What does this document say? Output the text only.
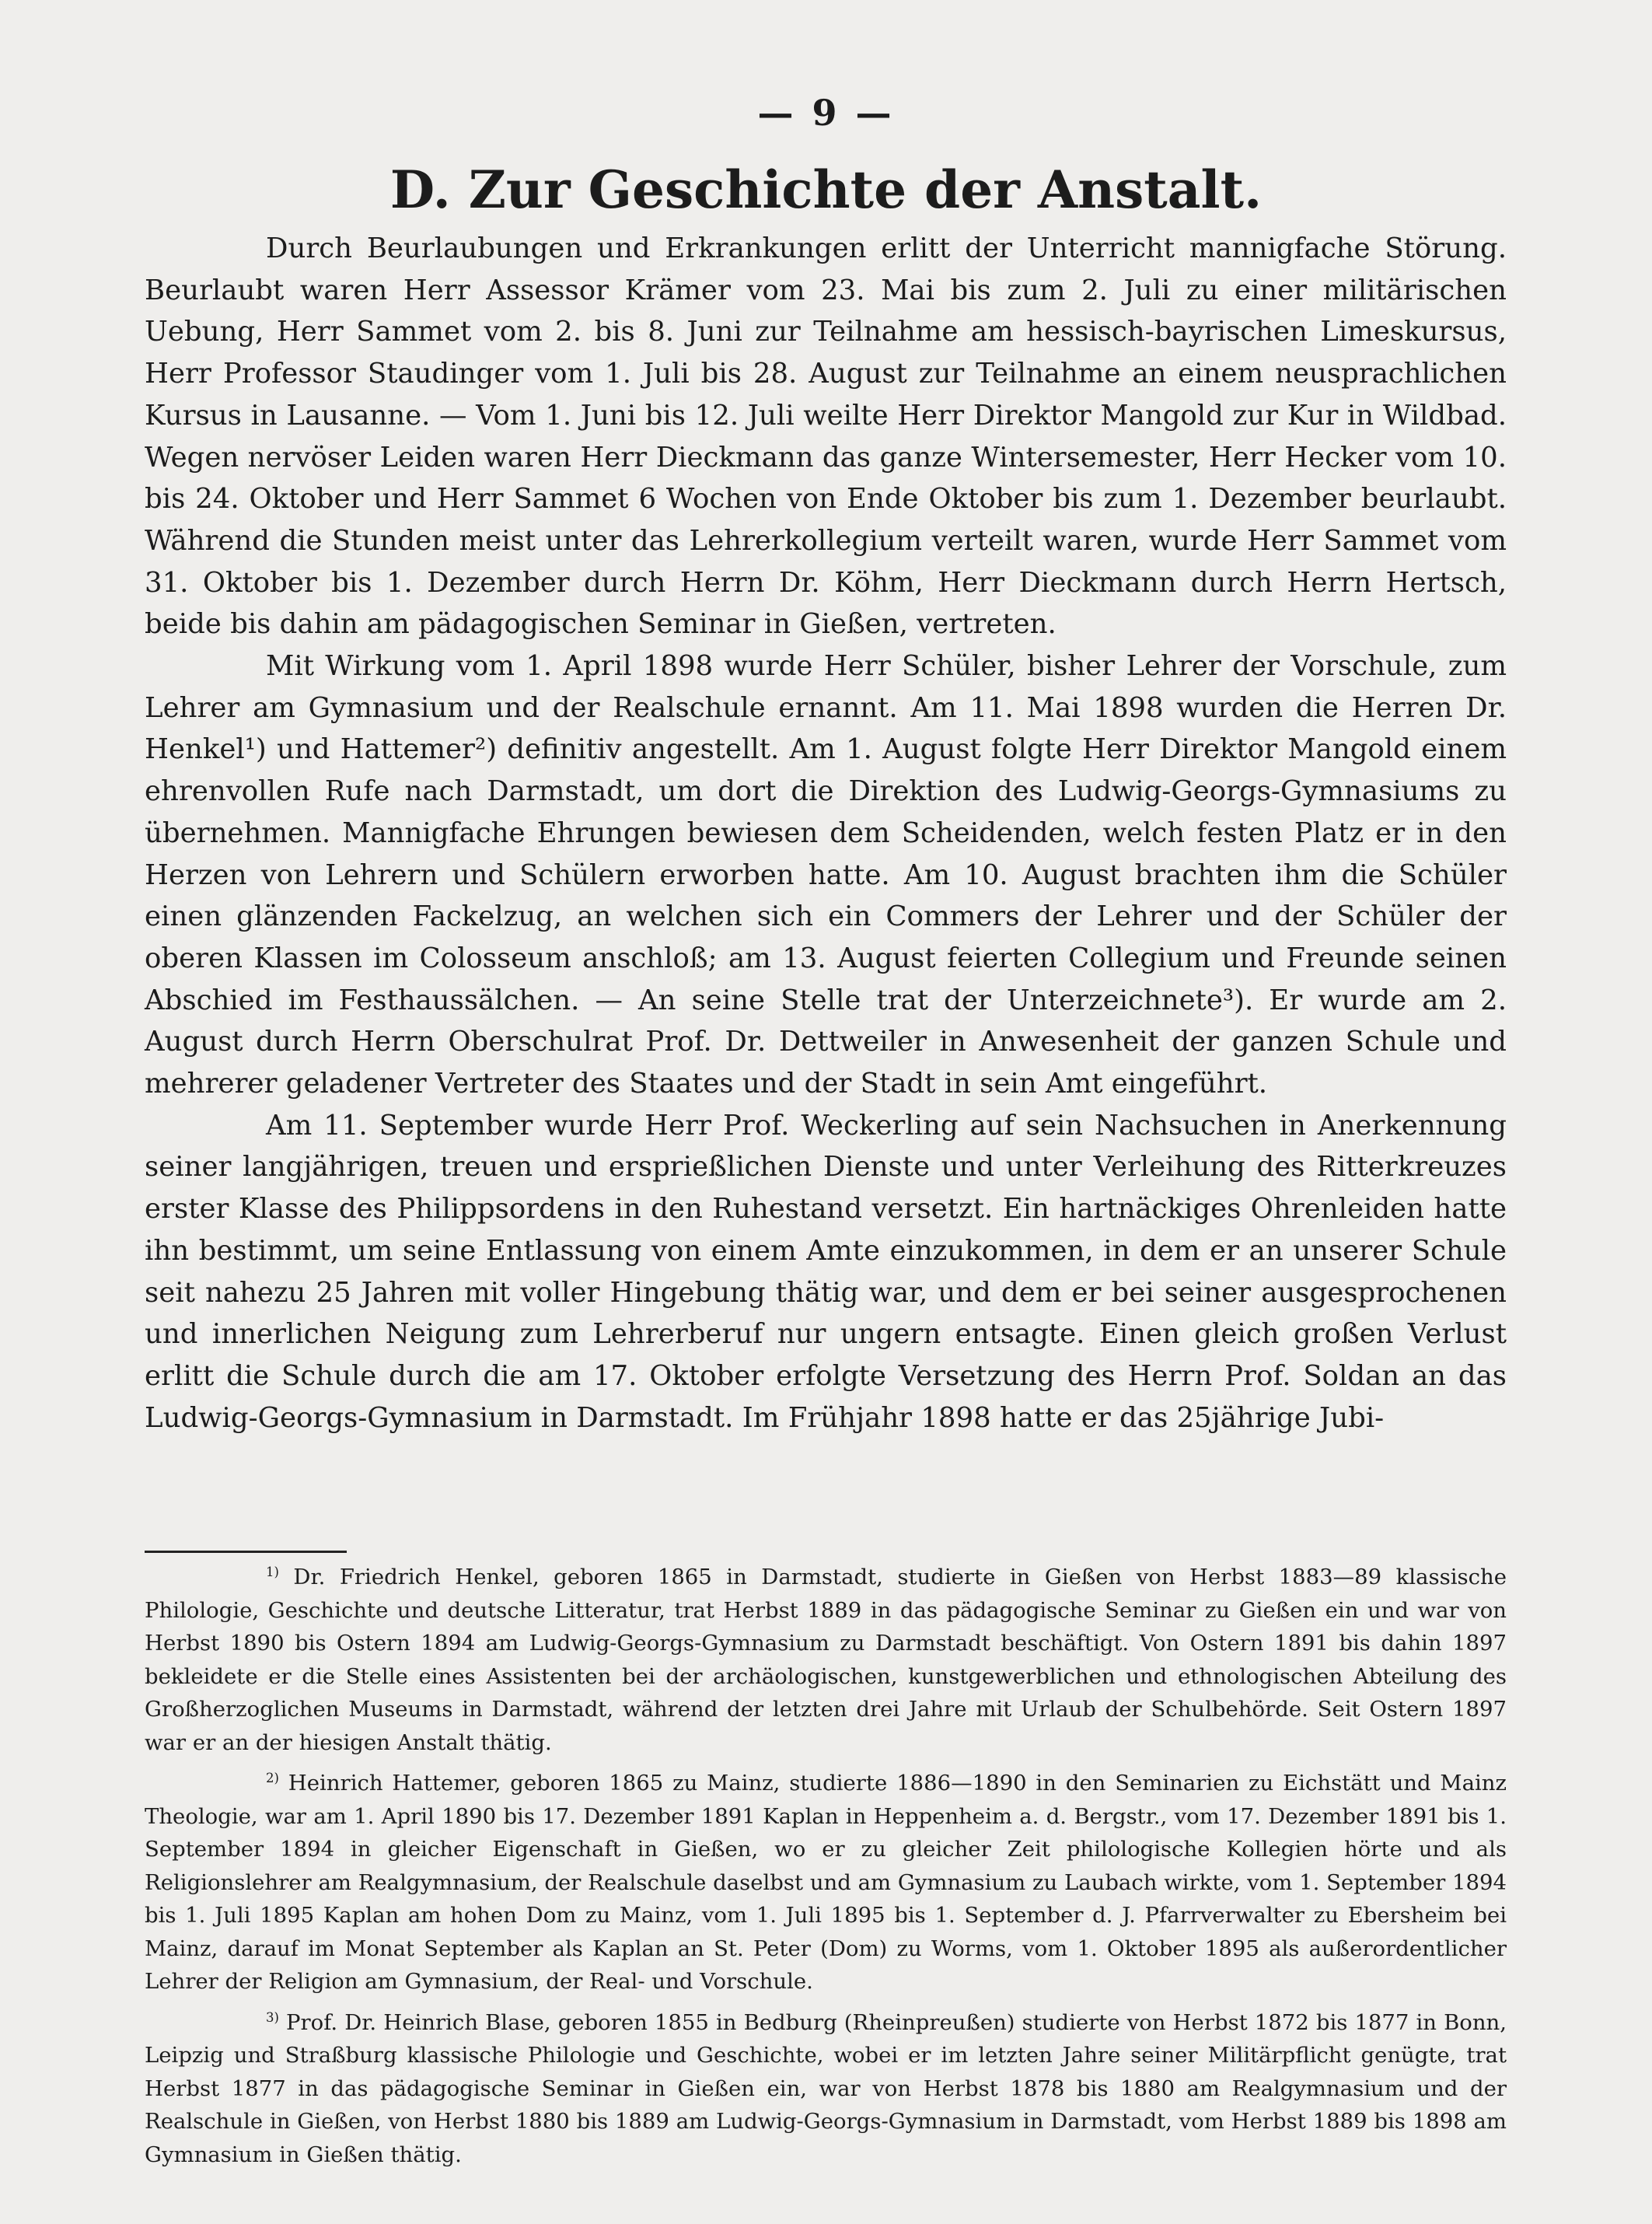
— 9 —
D. Zur Geschichte der Anstalt.

Durch Beurlaubungen und Erkrankungen erlitt der Unterricht mannigfache Störung. Beurlaubt waren Herr Assessor Krämer vom 23. Mai bis zum 2. Juli zu einer militärischen Uebung, Herr Sammet vom 2. bis 8. Juni zur Teilnahme am hessisch-bayrischen Limeskursus, Herr Professor Staudinger vom 1. Juli bis 28. August zur Teilnahme an einem neusprachlichen Kursus in Lausanne. — Vom 1. Juni bis 12. Juli weilte Herr Direktor Mangold zur Kur in Wildbad. Wegen nervöser Leiden waren Herr Dieckmann das ganze Wintersemester, Herr Hecker vom 10. bis 24. Oktober und Herr Sammet 6 Wochen von Ende Oktober bis zum 1. Dezember beurlaubt. Während die Stunden meist unter das Lehrerkollegium verteilt waren, wurde Herr Sammet vom 31. Oktober bis 1. Dezember durch Herrn Dr. Köhm, Herr Dieckmann durch Herrn Hertsch, beide bis dahin am pädagogischen Seminar in Gießen, vertreten.

Mit Wirkung vom 1. April 1898 wurde Herr Schüler, bisher Lehrer der Vorschule, zum Lehrer am Gymnasium und der Realschule ernannt. Am 11. Mai 1898 wurden die Herren Dr. Henkel¹) und Hattemer²) definitiv angestellt. Am 1. August folgte Herr Direktor Mangold einem ehrenvollen Rufe nach Darmstadt, um dort die Direktion des Ludwig-Georgs-Gymnasiums zu übernehmen. Mannigfache Ehrungen bewiesen dem Scheidenden, welch festen Platz er in den Herzen von Lehrern und Schülern erworben hatte. Am 10. August brachten ihm die Schüler einen glänzenden Fackelzug, an welchen sich ein Commers der Lehrer und der Schüler der oberen Klassen im Colosseum anschloß; am 13. August feierten Collegium und Freunde seinen Abschied im Festhaussälchen. — An seine Stelle trat der Unterzeichnete³). Er wurde am 2. August durch Herrn Oberschulrat Prof. Dr. Dettweiler in Anwesenheit der ganzen Schule und mehrerer geladener Vertreter des Staates und der Stadt in sein Amt eingeführt.

Am 11. September wurde Herr Prof. Weckerling auf sein Nachsuchen in Anerkennung seiner langjährigen, treuen und ersprießlichen Dienste und unter Verleihung des Ritterkreuzes erster Klasse des Philippsordens in den Ruhestand versetzt. Ein hartnäckiges Ohrenleiden hatte ihn bestimmt, um seine Entlassung von einem Amte einzukommen, in dem er an unserer Schule seit nahezu 25 Jahren mit voller Hingebung thätig war, und dem er bei seiner ausgesprochenen und innerlichen Neigung zum Lehrerberuf nur ungern entsagte. Einen gleich großen Verlust erlitt die Schule durch die am 17. Oktober erfolgte Versetzung des Herrn Prof. Soldan an das Ludwig-Georgs-Gymnasium in Darmstadt. Im Frühjahr 1898 hatte er das 25jährige Jubi-

$^{1)}$ Dr. Friedrich Henkel, geboren 1865 in Darmstadt, studierte in Gießen von Herbst 1883—89 klassische Philologie, Geschichte und deutsche Litteratur, trat Herbst 1889 in das pädagogische Seminar zu Gießen ein und war von Herbst 1890 bis Ostern 1894 am Ludwig-Georgs-Gymnasium zu Darmstadt beschäftigt. Von Ostern 1891 bis dahin 1897 bekleidete er die Stelle eines Assistenten bei der archäologischen, kunstgewerblichen und ethnologischen Abteilung des Großherzoglichen Museums in Darmstadt, während der letzten drei Jahre mit Urlaub der Schulbehörde. Seit Ostern 1897 war er an der hiesigen Anstalt thätig.

$^{2)}$ Heinrich Hattemer, geboren 1865 zu Mainz, studierte 1886—1890 in den Seminarien zu Eichstätt und Mainz Theologie, war am 1. April 1890 bis 17. Dezember 1891 Kaplan in Heppenheim a. d. Bergstr., vom 17. Dezember 1891 bis 1. September 1894 in gleicher Eigenschaft in Gießen, wo er zu gleicher Zeit philologische Kollegien hörte und als Religionslehrer am Realgymnasium, der Realschule daselbst und am Gymnasium zu Laubach wirkte, vom 1. September 1894 bis 1. Juli 1895 Kaplan am hohen Dom zu Mainz, vom 1. Juli 1895 bis 1. September d. J. Pfarrverwalter zu Ebersheim bei Mainz, darauf im Monat September als Kaplan an St. Peter (Dom) zu Worms, vom 1. Oktober 1895 als außerordentlicher Lehrer der Religion am Gymnasium, der Real- und Vorschule.

$^{3)}$ Prof. Dr. Heinrich Blase, geboren 1855 in Bedburg (Rheinpreußen) studierte von Herbst 1872 bis 1877 in Bonn, Leipzig und Straßburg klassische Philologie und Geschichte, wobei er im letzten Jahre seiner Militärpflicht genügte, trat Herbst 1877 in das pädagogische Seminar in Gießen ein, war von Herbst 1878 bis 1880 am Realgymnasium und der Realschule in Gießen, von Herbst 1880 bis 1889 am Ludwig-Georgs-Gymnasium in Darmstadt, vom Herbst 1889 bis 1898 am Gymnasium in Gießen thätig.
